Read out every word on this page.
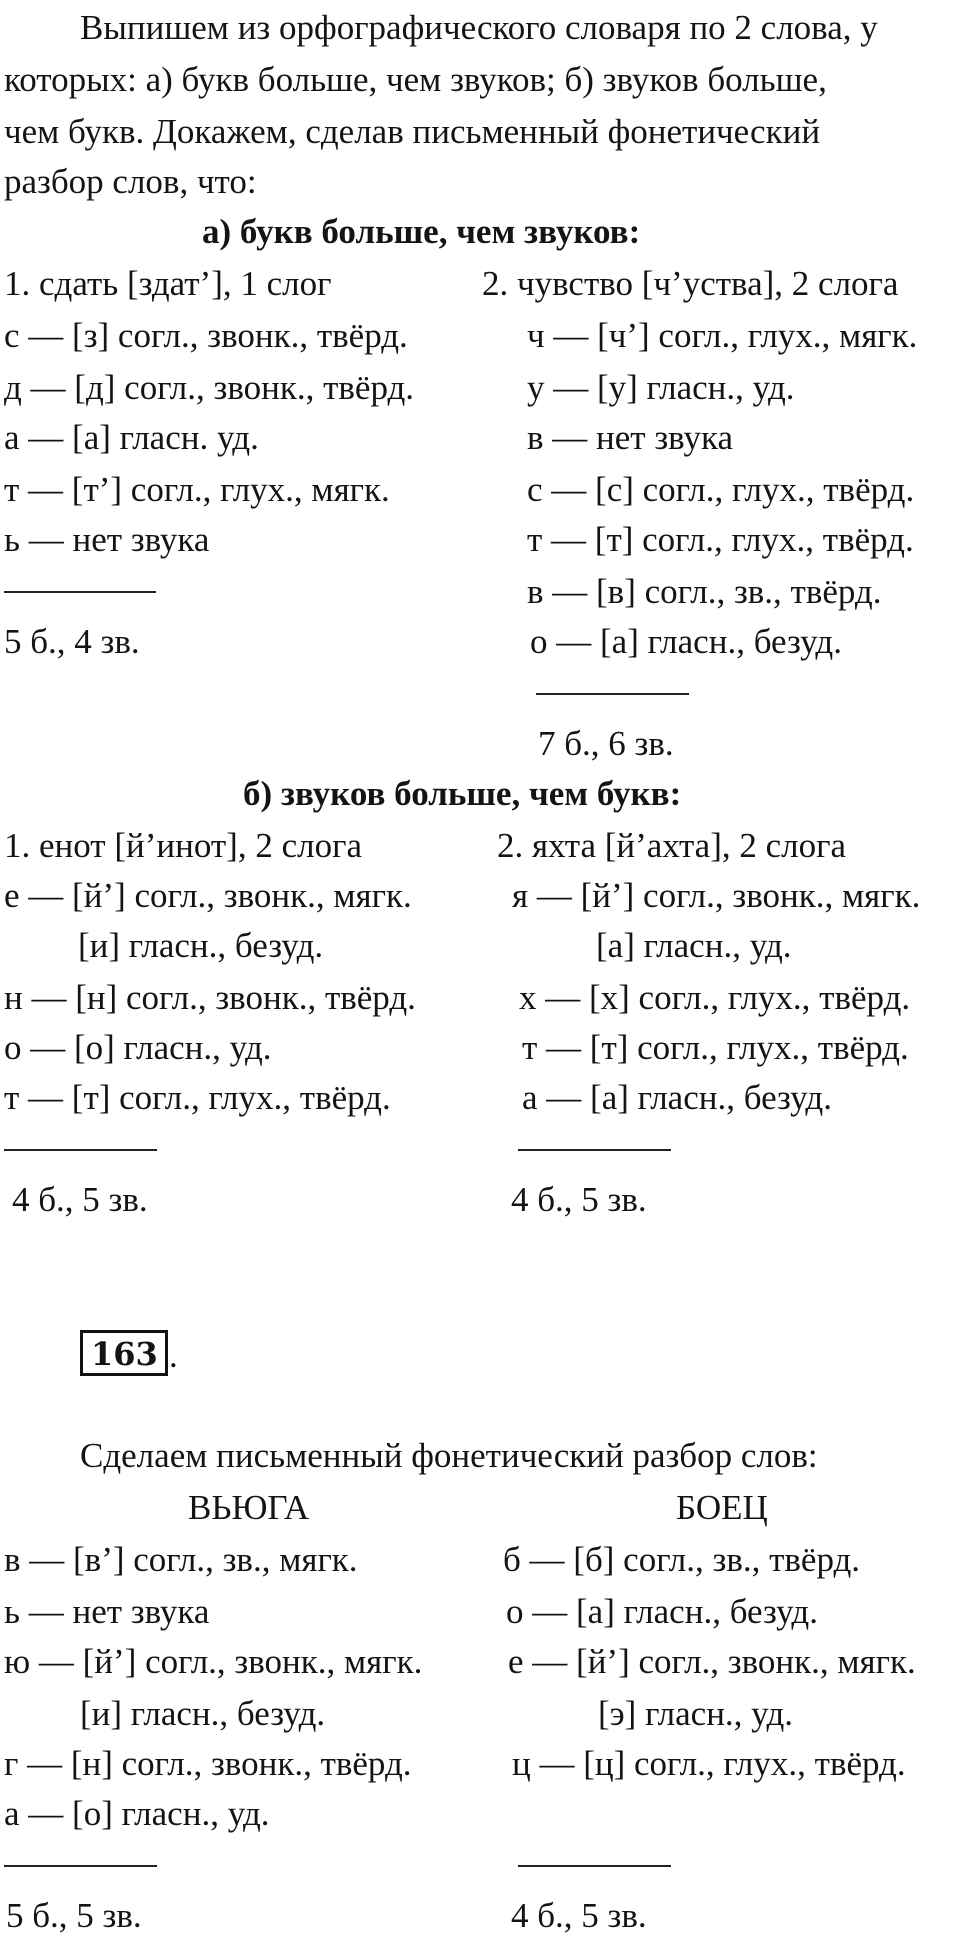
Выпишем из орфографического словаря по 2 слова, у
которых: а) букв больше, чем звуков; б) звуков больше,
чем букв. Докажем, сделав письменный фонетический
разбор слов, что:
а) букв больше, чем звуков:
1. сдать [здат’], 1 слог
с — [з] согл., звонк., твёрд.
д — [д] согл., звонк., твёрд.
а — [а] гласн. уд.
т — [т’] согл., глух., мягк.
ь — нет звука
5 б., 4 зв.
2. чувство [ч’уства], 2 слога
ч — [ч’] согл., глух., мягк.
у — [у] гласн., уд.
в — нет звука
с — [с] согл., глух., твёрд.
т — [т] согл., глух., твёрд.
в — [в] согл., зв., твёрд.
о — [а] гласн., безуд.
7 б., 6 зв.
б) звуков больше, чем букв:
1. енот [й’инот], 2 слога
е — [й’] согл., звонк., мягк.
[и] гласн., безуд.
н — [н] согл., звонк., твёрд.
о — [о] гласн., уд.
т — [т] согл., глух., твёрд.
4 б., 5 зв.
2. яхта [й’ахта], 2 слога
я — [й’] согл., звонк., мягк.
[а] гласн., уд.
х — [х] согл., глух., твёрд.
т — [т] согл., глух., твёрд.
а — [а] гласн., безуд.
4 б., 5 зв.
163 .
Сделаем письменный фонетический разбор слов:
ВЬЮГА
в — [в’] согл., зв., мягк.
ь — нет звука
ю — [й’] согл., звонк., мягк.
[и] гласн., безуд.
г — [н] согл., звонк., твёрд.
а — [о] гласн., уд.
5 б., 5 зв.
БОЕЦ
б — [б] согл., зв., твёрд.
о — [а] гласн., безуд.
е — [й’] согл., звонк., мягк.
[э] гласн., уд.
ц — [ц] согл., глух., твёрд.
4 б., 5 зв.
